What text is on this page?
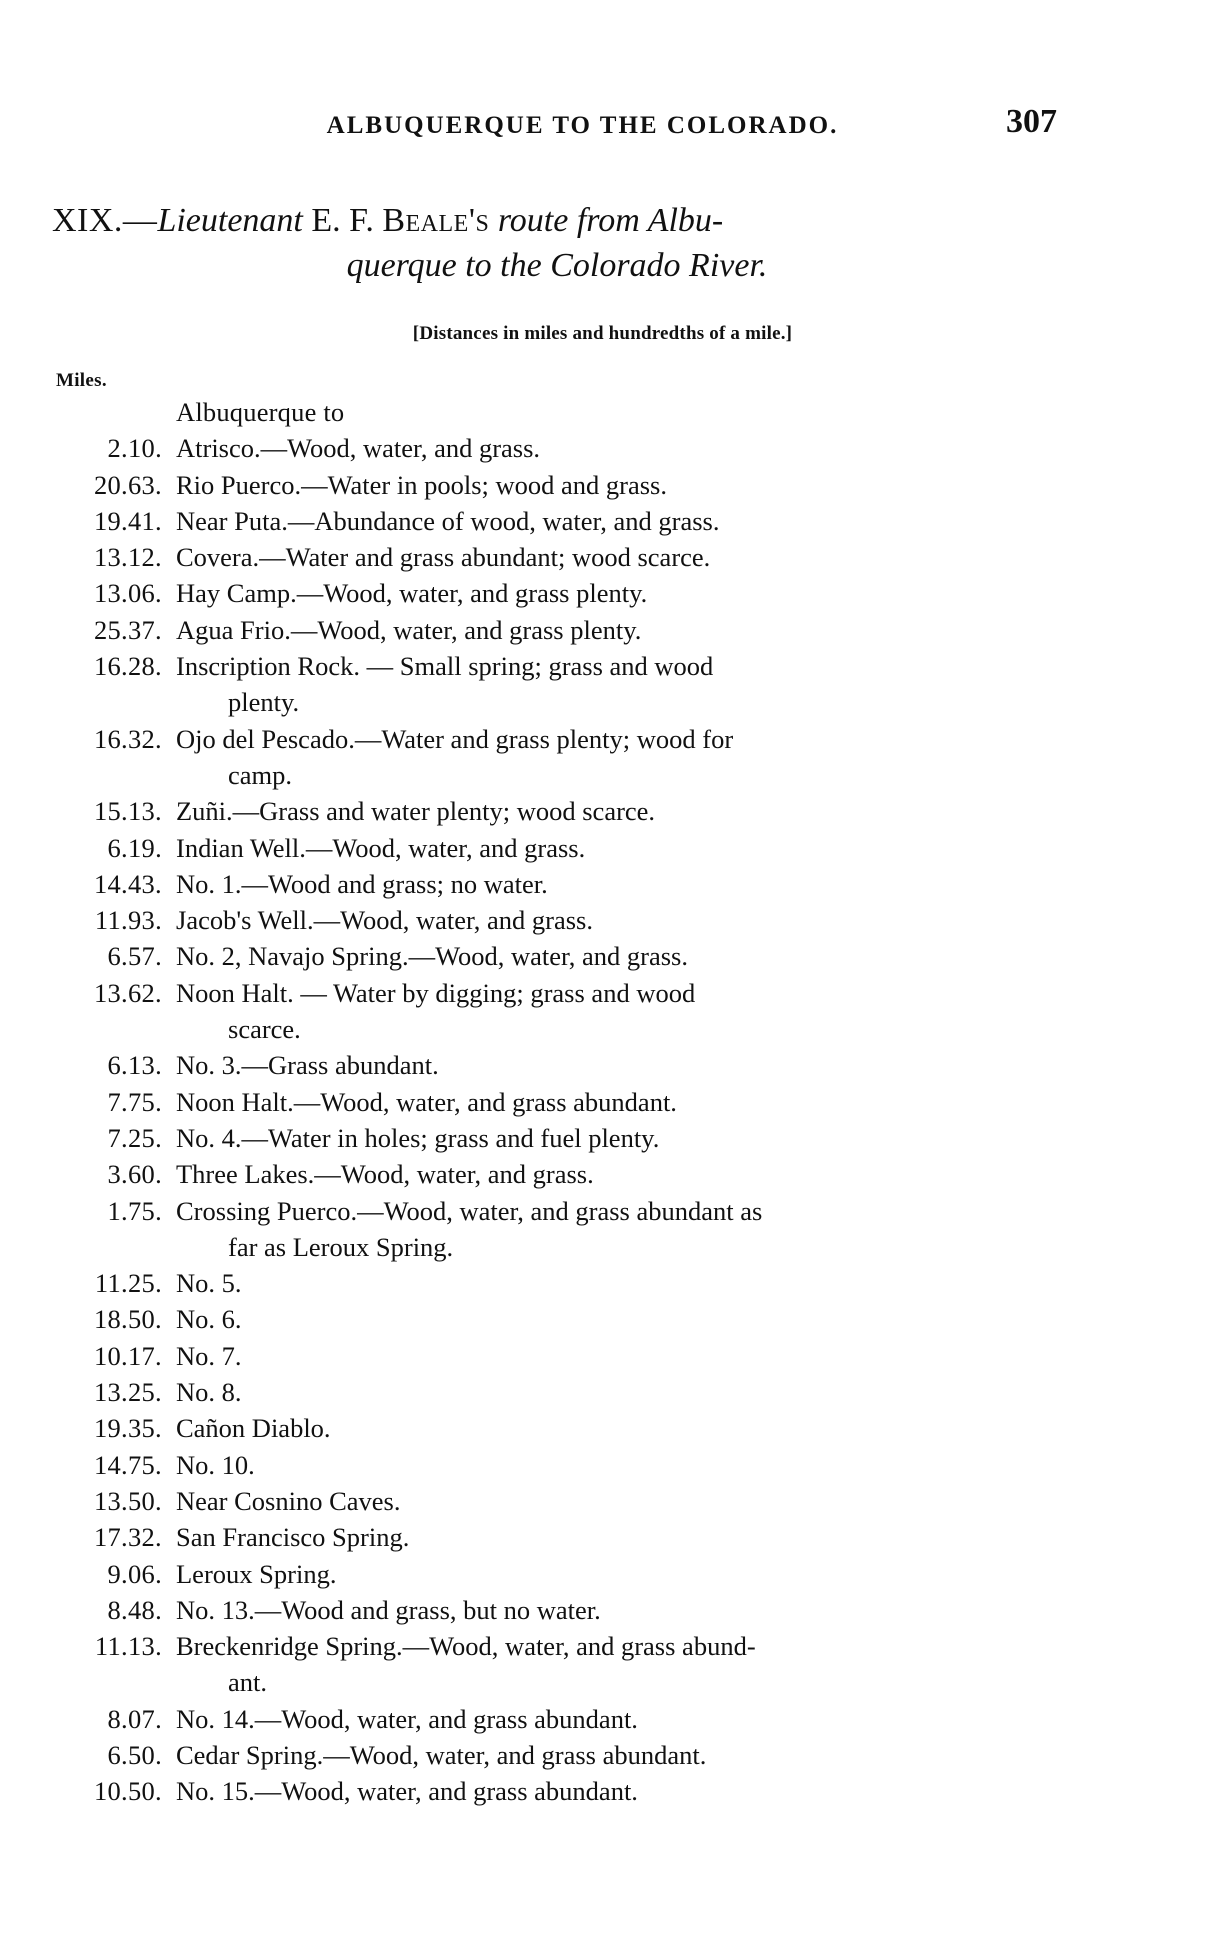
ALBUQUERQUE TO THE COLORADO.	307
XIX.—Lieutenant E. F. Beale's route from Albu-
querque to the Colorado River.
[Distances in miles and hundredths of a mile.]
Miles.
Albuquerque to
2.10. Atrisco.—Wood, water, and grass.
20.63. Rio Puerco.—Water in pools; wood and grass.
19.41. Near Puta.—Abundance of wood, water, and grass.
13.12. Covera.—Water and grass abundant; wood scarce.
13.06. Hay Camp.—Wood, water, and grass plenty.
25.37. Agua Frio.—Wood, water, and grass plenty.
16.28. Inscription Rock. — Small spring; grass and wood
plenty.
16.32. Ojo del Pescado.—Water and grass plenty; wood for
camp.
15.13. Zuñi.—Grass and water plenty; wood scarce.
6.19. Indian Well.—Wood, water, and grass.
14.43. No. 1.—Wood and grass; no water.
11.93. Jacob's Well.—Wood, water, and grass.
6.57. No. 2, Navajo Spring.—Wood, water, and grass.
13.62. Noon Halt. — Water by digging; grass and wood
scarce.
6.13. No. 3.—Grass abundant.
7.75. Noon Halt.—Wood, water, and grass abundant.
7.25. No. 4.—Water in holes; grass and fuel plenty.
3.60. Three Lakes.—Wood, water, and grass.
1.75. Crossing Puerco.—Wood, water, and grass abundant as
far as Leroux Spring.
11.25. No. 5.
18.50. No. 6.
10.17. No. 7.
13.25. No. 8.
19.35. Cañon Diablo.
14.75. No. 10.
13.50. Near Cosnino Caves.
17.32. San Francisco Spring.
9.06. Leroux Spring.
8.48. No. 13.—Wood and grass, but no water.
11.13. Breckenridge Spring.—Wood, water, and grass abund-
ant.
8.07. No. 14.—Wood, water, and grass abundant.
6.50. Cedar Spring.—Wood, water, and grass abundant.
10.50. No. 15.—Wood, water, and grass abundant.
